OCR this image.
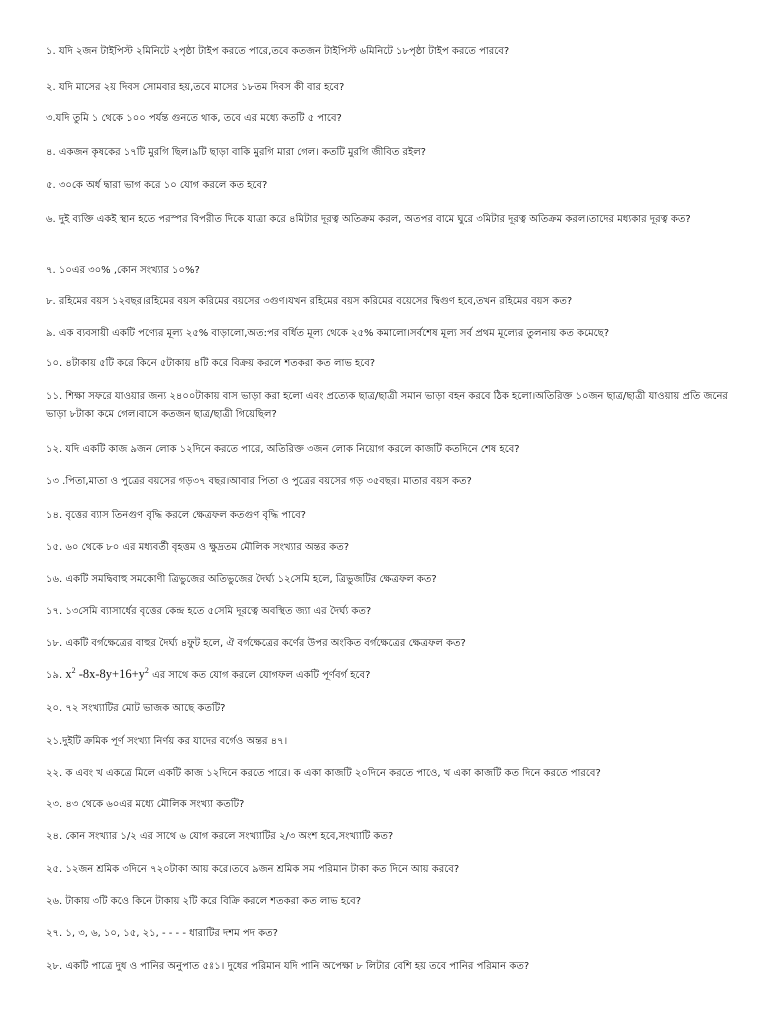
১. যদি ২জন টাইপিস্ট ২মিনিটে ২পৃষ্ঠা টাইপ করতে পারে,তবে কতজন টাইপিস্ট ৬মিনিটে ১৮পৃষ্ঠা টাইপ করতে পারবে?

২. যদি মাসের ২য় দিবস সোমবার হয়,তবে মাসের ১৮তম দিবস কী বার হবে?

৩.যদি তুমি ১ থেকে ১০০ পর্যন্ত গুনতে থাক, তবে এর মধ্যে কতটি ৫ পাবে?

৪. একজন কৃষকের ১৭টি মুরগি ছিল।৯টি ছাড়া বাকি মুরগি মারা গেল। কতটি মুরগি জীবিত রইল?

৫. ৩০কে অর্ধ দ্বারা ভাগ করে ১০ যোগ করলে কত হবে?

৬. দুই ব্যক্তি একই স্থান হতে পরস্পর বিপরীত দিকে যাত্রা করে ৪মিটার দূরত্ব অতিক্রম করল, অতপর বামে ঘুরে ৩মিটার দূরত্ব অতিক্রম করল।তাদের মধ্যকার দূরত্ব কত?

৭. ১০এর ৩০% ,কোন সংখ্যার ১০%?

৮. রহিমের বয়স ১২বছর।রহিমের বয়স করিমের বয়সের ৩গুণ।যখন রহিমের বয়স করিমের বয়েসের দ্বিগুণ হবে,তখন রহিমের বয়স কত?

৯. এক ব্যবসায়ী একটি পণ্যের মূল্য ২৫% বাড়ালো,অত:পর বর্ধিত মূল্য থেকে ২৫% কমালো।সর্বশেষ মূল্য সর্ব প্রথম মূল্যের তুলনায় কত কমেছে?

১০. ৪টাকায় ৫টি করে কিনে ৫টাকায় ৪টি করে বিক্রয় করলে শতকরা কত লাভ হবে?

১১. শিক্ষা সফরে যাওয়ার জন্য ২৪০০টাকায় বাস ভাড়া করা হলো এবং প্রত্যেক ছাত্র/ছাত্রী সমান ভাড়া বহন করবে ঠিক হলো।অতিরিক্ত ১০জন ছাত্র/ছাত্রী যাওয়ায় প্রতি জনের ভাড়া ৮টাকা কমে গেল।বাসে কতজন ছাত্র/ছাত্রী গিয়েছিল?

১২. যদি একটি কাজ ৯জন লোক ১২দিনে করতে পারে, অতিরিক্ত ৩জন লোক নিয়োগ করলে কাজটি কতদিনে শেষ হবে?

১৩ .পিতা,মাতা ও পুত্রের বয়সের গড়৩৭ বছর।আবার পিতা ও পুত্রের বয়সের গড় ৩৫বছর। মাতার বয়স কত?

১৪. বৃত্তের ব্যাস তিনগুণ বৃদ্ধি করলে ক্ষেত্রফল কতগুণ বৃদ্ধি পাবে?

১৫. ৬০ থেকে ৮০ এর মধ্যবর্তী বৃহত্তম ও ক্ষুদ্রতম মৌলিক সংখ্যার অন্তর কত?

১৬. একটি সমদ্বিবাহু সমকোণী ত্রিভুজের অতিভুজের দৈর্ঘ্য ১২সেমি হলে, ত্রিভুজটির ক্ষেত্রফল কত?

১৭. ১৩সেমি ব্যাসার্ধের বৃত্তের কেন্দ্র হতে ৫সেমি দূরত্বে অবস্থিত জ্যা এর দৈর্ঘ্য কত?

১৮. একটি বর্গক্ষেত্রের বাহুর দৈর্ঘ্য ৪ফুট হলে, ঐ বর্গক্ষেত্রের কর্ণের উপর অংকিত বর্গক্ষেত্রের ক্ষেত্রফল কত?

১৯. $x^2$ $-8x-8y+16+y^2$ এর সাথে কত যোগ করলে যোগফল একটি পূর্ণবর্গ হবে?

২০. ৭২ সংখ্যাটির মোট ভাজক আছে কতটি?

২১.দুইটি ক্রমিক পূর্ণ সংখ্যা নির্ণয় কর যাদের বর্গেও অন্তর ৪৭।

২২. ক এবং খ একত্রে মিলে একটি কাজ ১২দিনে করতে পারে। ক একা কাজটি ২০দিনে করতে পাওে, খ একা কাজটি কত দিনে করতে পারবে?

২৩. ৪৩ থেকে ৬০এর মধ্যে মৌলিক সংখ্যা কতটি?

২৪. কোন সংখ্যার ১/২ এর সাথে ৬ যোগ করলে সংখ্যাটির ২/৩ অংশ হবে,সংখ্যাটি কত?

২৫. ১২জন শ্রমিক ৩দিনে ৭২০টাকা আয় করে।তবে ৯জন শ্রমিক সম পরিমান টাকা কত দিনে আয় করবে?

২৬. টাকায় ৩টি কওে কিনে টাকায় ২টি করে বিক্রি করলে শতকরা কত লাভ হবে?

২৭. ১, ৩, ৬, ১০, ১৫, ২১, - - - - ধারাটির দশম পদ কত?

২৮. একটি পাত্রে দুধ ও পানির অনুপাত ৫ঃ১। দুধের পরিমান যদি পানি অপেক্ষা ৮ লিটার বেশি হয় তবে পানির পরিমান কত?
